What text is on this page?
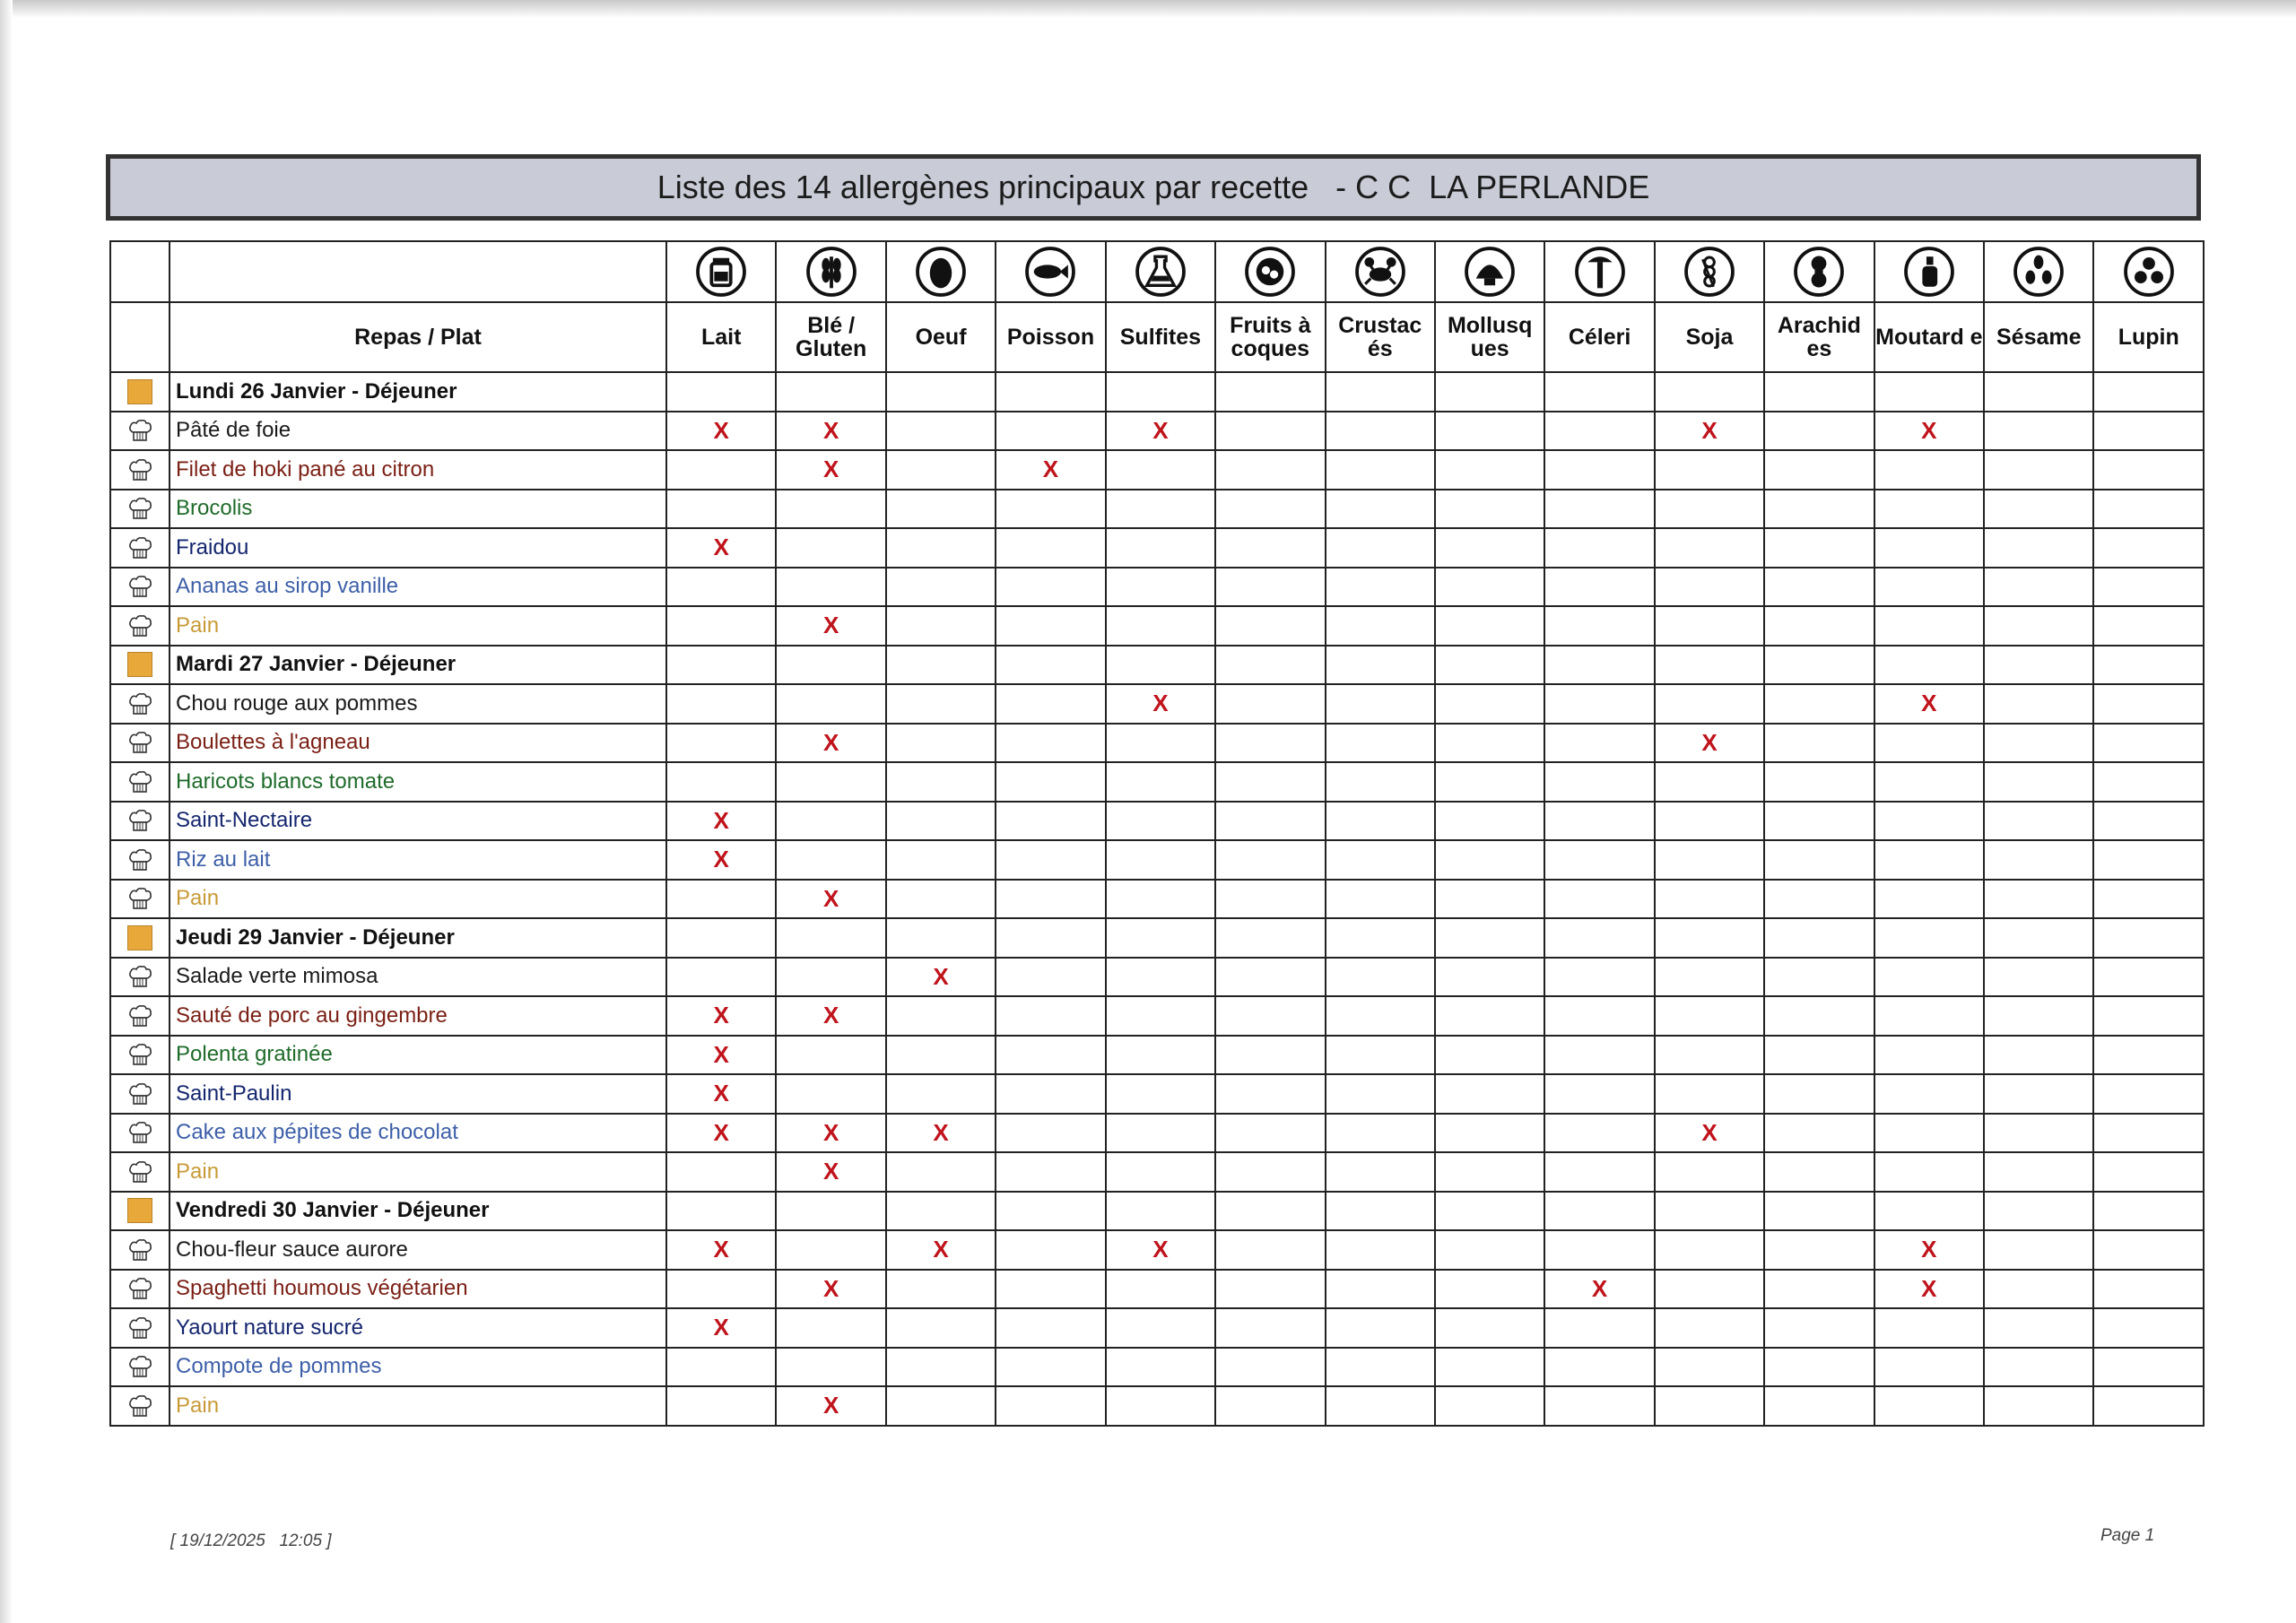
Liste des 14 allergènes principaux par recette   - C C  LA PERLANDE

	Repas / Plat	Lait	Blé / Gluten	Oeuf	Poisson	Sulfites	Fruits à coques	Crustac és	Mollusq ues	Céleri	Soja	Arachid es	Moutard e	Sésame	Lupin

	Lundi 26 Janvier - Déjeuner														

	Pâté de foie	X	X			X					X		X		

	Filet de hoki pané au citron		X		X										

	Brocolis														

	Fraidou	X													

	Ananas au sirop vanille														

	Pain		X												

	Mardi 27 Janvier - Déjeuner														

	Chou rouge aux pommes					X							X		

	Boulettes à l'agneau		X								X				

	Haricots blancs tomate														

	Saint-Nectaire	X													

	Riz au lait	X													

	Pain		X												

	Jeudi 29 Janvier - Déjeuner														

	Salade verte mimosa			X											

	Sauté de porc au gingembre	X	X												

	Polenta gratinée	X													

	Saint-Paulin	X													

	Cake aux pépites de chocolat	X	X	X							X				

	Pain		X												

	Vendredi 30 Janvier - Déjeuner														

	Chou-fleur sauce aurore	X		X		X							X		

	Spaghetti houmous végétarien		X							X			X		

	Yaourt nature sucré	X													

	Compote de pommes														

	Pain		X												
[ 19/12/2025   12:05 ]	Page 1
